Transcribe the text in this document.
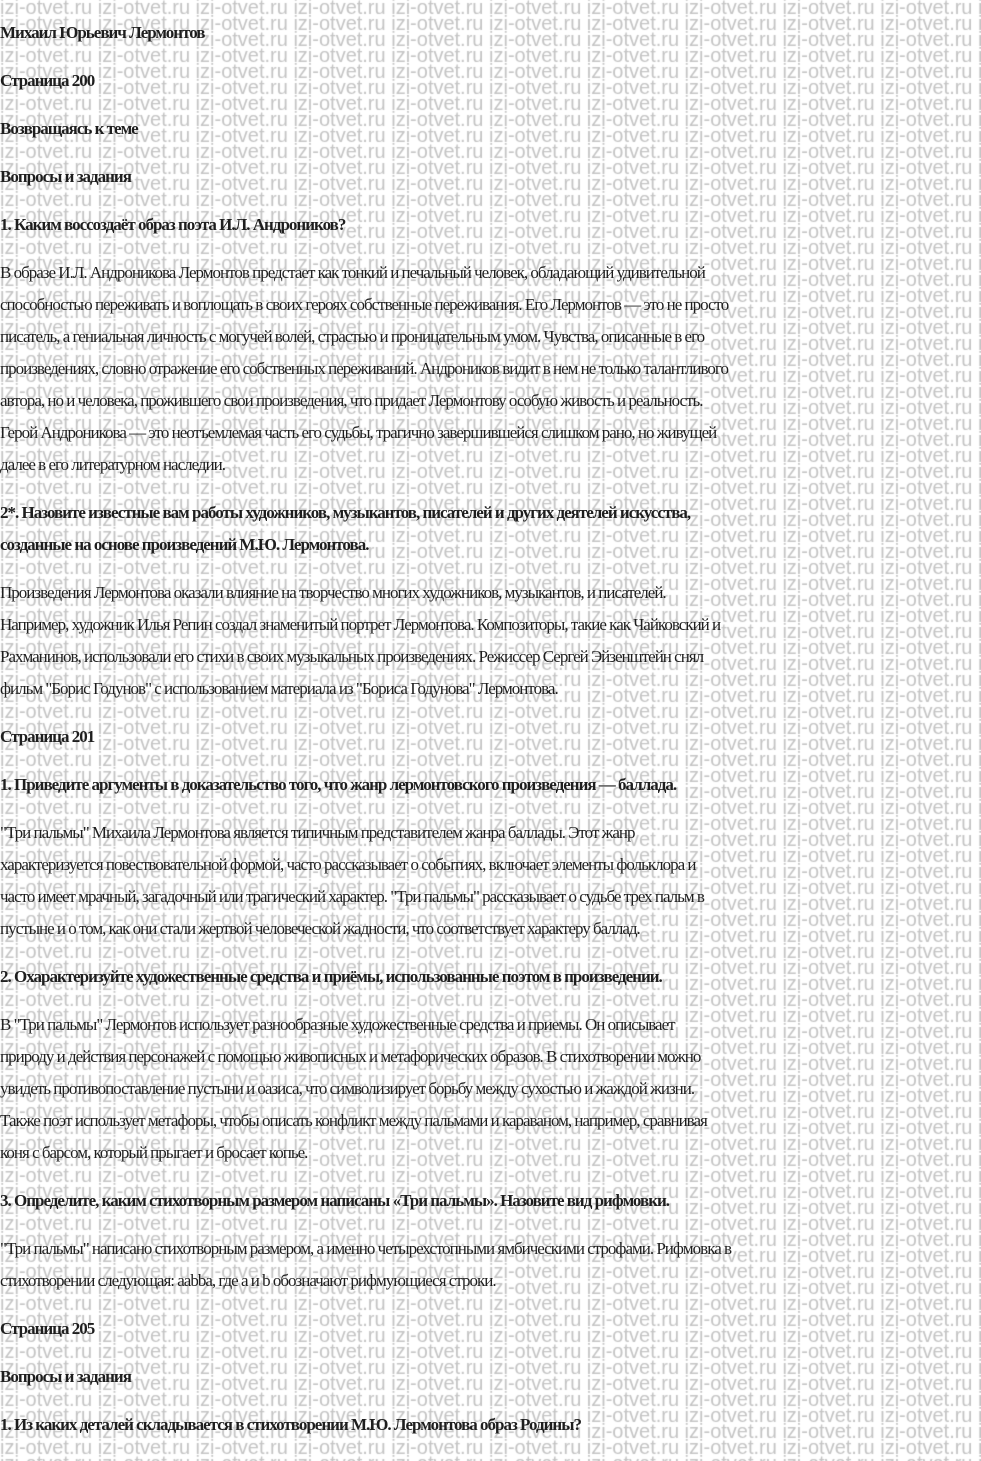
Михаил Юрьевич Лермонтов
Страница 200
Возвращаясь к теме
Вопросы и задания
1. Каким воссоздаёт образ поэта И.Л. Андроников?
В образе И.Л. Андроникова Лермонтов предстает как тонкий и печальный человек, обладающий удивительной
способностью переживать и воплощать в своих героях собственные переживания. Его Лермонтов — это не просто
писатель, а гениальная личность с могучей волей, страстью и проницательным умом. Чувства, описанные в его
произведениях, словно отражение его собственных переживаний. Андроников видит в нем не только талантливого
автора, но и человека, прожившего свои произведения, что придает Лермонтову особую живость и реальность.
Герой Андроникова — это неотъемлемая часть его судьбы, трагично завершившейся слишком рано, но живущей
далее в его литературном наследии.
2*. Назовите известные вам работы художников, музыкантов, писателей и других деятелей искусства,
созданные на основе произведений М.Ю. Лермонтова.
Произведения Лермонтова оказали влияние на творчество многих художников, музыкантов, и писателей.
Например, художник Илья Репин создал знаменитый портрет Лермонтова. Композиторы, такие как Чайковский и
Рахманинов, использовали его стихи в своих музыкальных произведениях. Режиссер Сергей Эйзенштейн снял
фильм "Борис Годунов" с использованием материала из "Бориса Годунова" Лермонтова.
Страница 201
1. Приведите аргументы в доказательство того, что жанр лермонтовского произведения — баллада.
"Три пальмы" Михаила Лермонтова является типичным представителем жанра баллады. Этот жанр
характеризуется повествовательной формой, часто рассказывает о событиях, включает элементы фольклора и
часто имеет мрачный, загадочный или трагический характер. "Три пальмы" рассказывает о судьбе трех пальм в
пустыне и о том, как они стали жертвой человеческой жадности, что соответствует характеру баллад.
2. Охарактеризуйте художественные средства и приёмы, использованные поэтом в произведении.
В "Три пальмы" Лермонтов использует разнообразные художественные средства и приемы. Он описывает
природу и действия персонажей с помощью живописных и метафорических образов. В стихотворении можно
увидеть противопоставление пустыни и оазиса, что символизирует борьбу между сухостью и жаждой жизни.
Также поэт использует метафоры, чтобы описать конфликт между пальмами и караваном, например, сравнивая
коня с барсом, который прыгает и бросает копье.
3. Определите, каким стихотворным размером написаны «Три пальмы». Назовите вид рифмовки.
"Три пальмы" написано стихотворным размером, а именно четырехстопными ямбическими строфами. Рифмовка в
стихотворении следующая: aabba, где a и b обозначают рифмующиеся строки.
Страница 205
Вопросы и задания
1. Из каких деталей складывается в стихотворении М.Ю. Лермонтова образ Родины?
